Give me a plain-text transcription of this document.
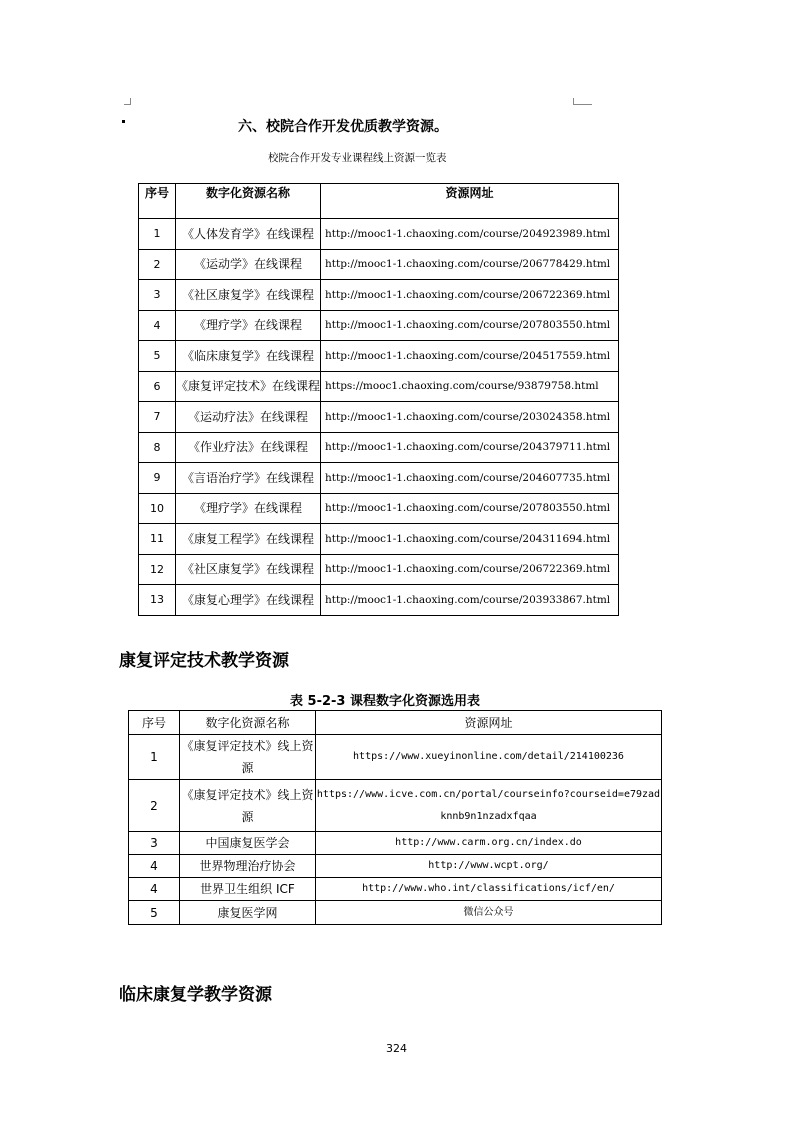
六、校院合作开发优质教学资源。
校院合作开发专业课程线上资源一览表
序号	数字化资源名称	资源网址
1	《人体发育学》在线课程	http://mooc1-1.chaoxing.com/course/204923989.html
2	《运动学》在线课程	http://mooc1-1.chaoxing.com/course/206778429.html
3	《社区康复学》在线课程	http://mooc1-1.chaoxing.com/course/206722369.html
4	《理疗学》在线课程	http://mooc1-1.chaoxing.com/course/207803550.html
5	《临床康复学》在线课程	http://mooc1-1.chaoxing.com/course/204517559.html
6	《康复评定技术》在线课程	https://mooc1.chaoxing.com/course/93879758.html
7	《运动疗法》在线课程	http://mooc1-1.chaoxing.com/course/203024358.html
8	《作业疗法》在线课程	http://mooc1-1.chaoxing.com/course/204379711.html
9	《言语治疗学》在线课程	http://mooc1-1.chaoxing.com/course/204607735.html
10	《理疗学》在线课程	http://mooc1-1.chaoxing.com/course/207803550.html
11	《康复工程学》在线课程	http://mooc1-1.chaoxing.com/course/204311694.html
12	《社区康复学》在线课程	http://mooc1-1.chaoxing.com/course/206722369.html
13	《康复心理学》在线课程	http://mooc1-1.chaoxing.com/course/203933867.html
康复评定技术教学资源
表 5-2-3 课程数字化资源选用表
序号	数字化资源名称	资源网址
1	《康复评定技术》线上资源	https://www.xueyinonline.com/detail/214100236
2	《康复评定技术》线上资源	https://www.icve.com.cn/portal/courseinfo?courseid=e79zadknnb9n1nzadxfqaa
3	中国康复医学会	http://www.carm.org.cn/index.do
4	世界物理治疗协会	http://www.wcpt.org/
4	世界卫生组织 ICF	http://www.who.int/classifications/icf/en/
5	康复医学网	微信公众号
临床康复学教学资源
324
